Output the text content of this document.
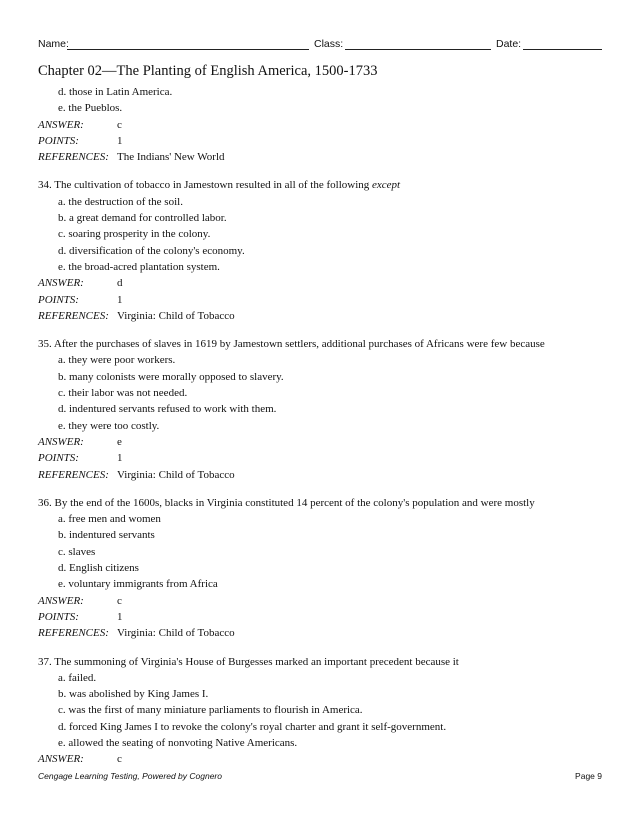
Name:	Class:	Date:
Chapter 02—The Planting of English America, 1500-1733
d. those in Latin America.
e. the Pueblos.
ANSWER:	c
POINTS:	1
REFERENCES: The Indians' New World
34. The cultivation of tobacco in Jamestown resulted in all of the following except
a. the destruction of the soil.
b. a great demand for controlled labor.
c. soaring prosperity in the colony.
d. diversification of the colony's economy.
e. the broad-acred plantation system.
ANSWER:	d
POINTS:	1
REFERENCES: Virginia: Child of Tobacco
35. After the purchases of slaves in 1619 by Jamestown settlers, additional purchases of Africans were few because
a. they were poor workers.
b. many colonists were morally opposed to slavery.
c. their labor was not needed.
d. indentured servants refused to work with them.
e. they were too costly.
ANSWER:	e
POINTS:	1
REFERENCES: Virginia: Child of Tobacco
36. By the end of the 1600s, blacks in Virginia constituted 14 percent of the colony's population and were mostly
a. free men and women
b. indentured servants
c. slaves
d. English citizens
e. voluntary immigrants from Africa
ANSWER:	c
POINTS:	1
REFERENCES: Virginia: Child of Tobacco
37. The summoning of Virginia's House of Burgesses marked an important precedent because it
a. failed.
b. was abolished by King James I.
c. was the first of many miniature parliaments to flourish in America.
d. forced King James I to revoke the colony's royal charter and grant it self-government.
e. allowed the seating of nonvoting Native Americans.
ANSWER:	c
Cengage Learning Testing, Powered by Cognero	Page 9
